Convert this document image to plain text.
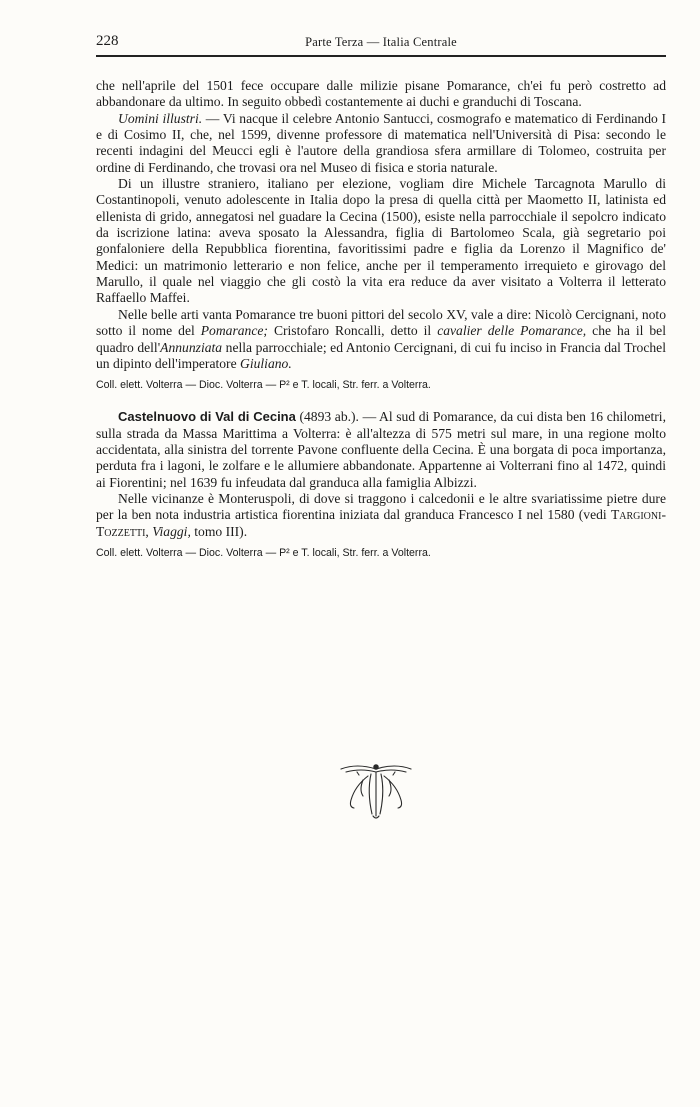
228	Parte Terza — Italia Centrale

che nell'aprile del 1501 fece occupare dalle milizie pisane Pomarance, ch'ei fu però costretto ad abbandonare da ultimo. In seguito obbedì costantemente ai duchi e granduchi di Toscana.

Uomini illustri. — Vi nacque il celebre Antonio Santucci, cosmografo e matematico di Ferdinando I e di Cosimo II, che, nel 1599, divenne professore di matematica nell'Università di Pisa: secondo le recenti indagini del Meucci egli è l'autore della grandiosa sfera armillare di Tolomeo, costruita per ordine di Ferdinando, che trovasi ora nel Museo di fisica e storia naturale.

Di un illustre straniero, italiano per elezione, vogliam dire Michele Tarcagnota Marullo di Costantinopoli, venuto adolescente in Italia dopo la presa di quella città per Maometto II, latinista ed ellenista di grido, annegatosi nel guadare la Cecina (1500), esiste nella parrocchiale il sepolcro indicato da iscrizione latina: aveva sposato la Alessandra, figlia di Bartolomeo Scala, già segretario poi gonfaloniere della Repubblica fiorentina, favoritissimi padre e figlia da Lorenzo il Magnifico de' Medici: un matrimonio letterario e non felice, anche per il temperamento irrequieto e girovago del Marullo, il quale nel viaggio che gli costò la vita era reduce da aver visitato a Volterra il letterato Raffaello Maffei.

Nelle belle arti vanta Pomarance tre buoni pittori del secolo XV, vale a dire: Nicolò Cercignani, noto sotto il nome del Pomarance; Cristofaro Roncalli, detto il cavalier delle Pomarance, che ha il bel quadro dell'Annunziata nella parrocchiale; ed Antonio Cercignani, di cui fu inciso in Francia dal Trochel un dipinto dell'imperatore Giuliano.

Coll. elett. Volterra — Dioc. Volterra — P² e T. locali, Str. ferr. a Volterra.

Castelnuovo di Val di Cecina (4893 ab.). — Al sud di Pomarance, da cui dista ben 16 chilometri, sulla strada da Massa Marittima a Volterra: è all'altezza di 575 metri sul mare, in una regione molto accidentata, alla sinistra del torrente Pavone confluente della Cecina. È una borgata di poca importanza, perduta fra i lagoni, le zolfare e le allumiere abbandonate. Appartenne ai Volterrani fino al 1472, quindi ai Fiorentini; nel 1639 fu infeudata dal granduca alla famiglia Albizzi.

Nelle vicinanze è Monteruspoli, di dove si traggono i calcedonii e le altre svariatissime pietre dure per la ben nota industria artistica fiorentina iniziata dal granduca Francesco I nel 1580 (vedi Targioni-Tozzetti, Viaggi, tomo III).

Coll. elett. Volterra — Dioc. Volterra — P² e T. locali, Str. ferr. a Volterra.
